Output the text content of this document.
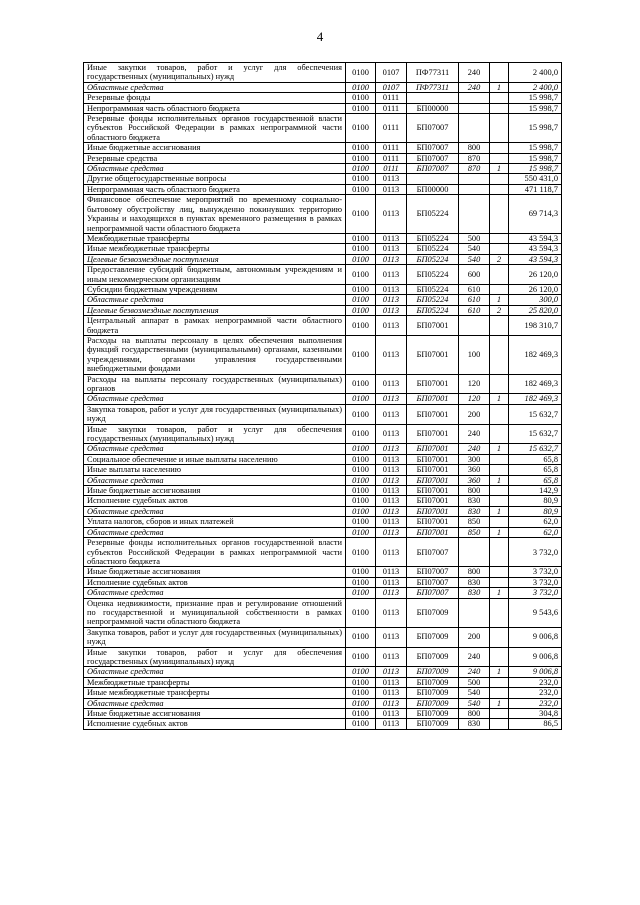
4
Иные закупки товаров, работ и услуг для обеспечения государственных (муниципальных) нужд	0100	0107	ПФ77311	240		2 400,0
Областные средства	0100	0107	ПФ77311	240	1	2 400,0
Резервные фонды	0100	0111				15 998,7
Непрограммная часть областного бюджета	0100	0111	БП00000			15 998,7
Резервные фонды исполнительных органов государственной власти субъектов Российской Федерации в рамках непрограммной части областного бюджета	0100	0111	БП07007			15 998,7
Иные бюджетные ассигнования	0100	0111	БП07007	800		15 998,7
Резервные средства	0100	0111	БП07007	870		15 998,7
Областные средства	0100	0111	БП07007	870	1	15 998,7
Другие общегосударственные вопросы	0100	0113				550 431,0
Непрограммная часть областного бюджета	0100	0113	БП00000			471 118,7
Финансовое обеспечение мероприятий по временному социально-бытовому обустройству лиц, вынужденно покинувших территорию Украины и находящихся в пунктах временного размещения в рамках непрограммной части областного бюджета	0100	0113	БП05224			69 714,3
Межбюджетные трансферты	0100	0113	БП05224	500		43 594,3
Иные межбюджетные трансферты	0100	0113	БП05224	540		43 594,3
Целевые безвозмездные поступления	0100	0113	БП05224	540	2	43 594,3
Предоставление субсидий бюджетным, автономным учреждениям и иным некоммерческим организациям	0100	0113	БП05224	600		26 120,0
Субсидии бюджетным учреждениям	0100	0113	БП05224	610		26 120,0
Областные средства	0100	0113	БП05224	610	1	300,0
Целевые безвозмездные поступления	0100	0113	БП05224	610	2	25 820,0
Центральный аппарат в рамках непрограммной части областного бюджета	0100	0113	БП07001			198 310,7
Расходы на выплаты персоналу в целях обеспечения выполнения функций государственными (муниципальными) органами, казенными учреждениями, органами управления государственными внебюджетными фондами	0100	0113	БП07001	100		182 469,3
Расходы на выплаты персоналу государственных (муниципальных) органов	0100	0113	БП07001	120		182 469,3
Областные средства	0100	0113	БП07001	120	1	182 469,3
Закупка товаров, работ и услуг для государственных (муниципальных) нужд	0100	0113	БП07001	200		15 632,7
Иные закупки товаров, работ и услуг для обеспечения государственных (муниципальных) нужд	0100	0113	БП07001	240		15 632,7
Областные средства	0100	0113	БП07001	240	1	15 632,7
Социальное обеспечение и иные выплаты населению	0100	0113	БП07001	300		65,8
Иные выплаты населению	0100	0113	БП07001	360		65,8
Областные средства	0100	0113	БП07001	360	1	65,8
Иные бюджетные ассигнования	0100	0113	БП07001	800		142,9
Исполнение судебных актов	0100	0113	БП07001	830		80,9
Областные средства	0100	0113	БП07001	830	1	80,9
Уплата налогов, сборов и иных платежей	0100	0113	БП07001	850		62,0
Областные средства	0100	0113	БП07001	850	1	62,0
Резервные фонды исполнительных органов государственной власти субъектов Российской Федерации в рамках непрограммной части областного бюджета	0100	0113	БП07007			3 732,0
Иные бюджетные ассигнования	0100	0113	БП07007	800		3 732,0
Исполнение судебных актов	0100	0113	БП07007	830		3 732,0
Областные средства	0100	0113	БП07007	830	1	3 732,0
Оценка недвижимости, признание прав и регулирование отношений по государственной и муниципальной собственности в рамках непрограммной части областного бюджета	0100	0113	БП07009			9 543,6
Закупка товаров, работ и услуг для государственных (муниципальных) нужд	0100	0113	БП07009	200		9 006,8
Иные закупки товаров, работ и услуг для обеспечения государственных (муниципальных) нужд	0100	0113	БП07009	240		9 006,8
Областные средства	0100	0113	БП07009	240	1	9 006,8
Межбюджетные трансферты	0100	0113	БП07009	500		232,0
Иные межбюджетные трансферты	0100	0113	БП07009	540		232,0
Областные средства	0100	0113	БП07009	540	1	232,0
Иные бюджетные ассигнования	0100	0113	БП07009	800		304,8
Исполнение судебных актов	0100	0113	БП07009	830		86,5
